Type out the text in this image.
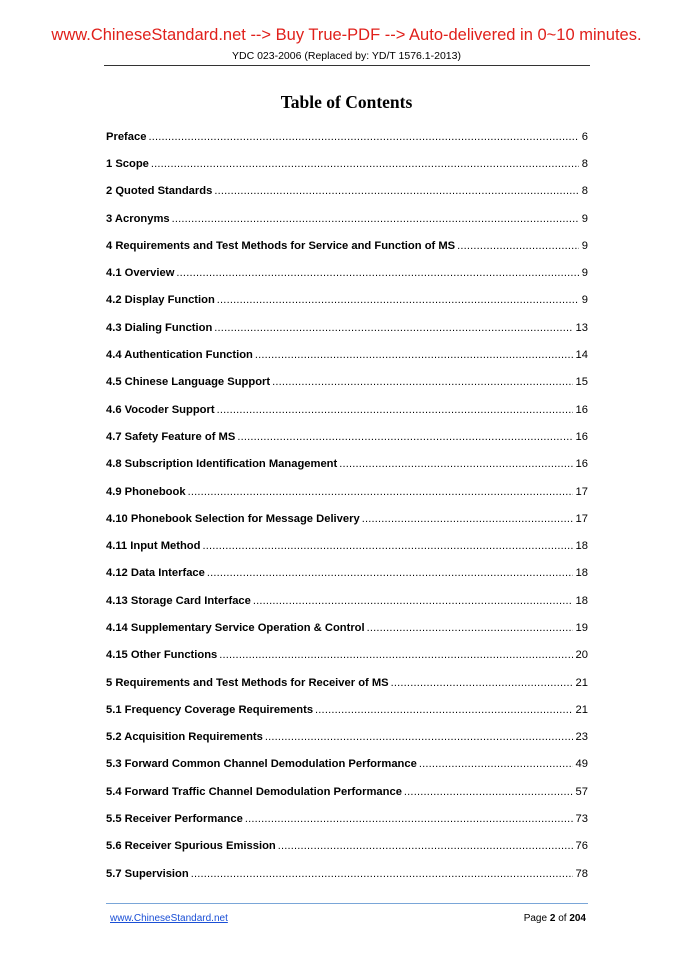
www.ChineseStandard.net --> Buy True-PDF --> Auto-delivered in 0~10 minutes.
YDC 023-2006 (Replaced by: YD/T 1576.1-2013)
Table of Contents
Preface .....	6
1 Scope .....	8
2 Quoted Standards .....	8
3 Acronyms .....	9
4 Requirements and Test Methods for Service and Function of MS .....	9
4.1 Overview .....	9
4.2 Display Function .....	9
4.3 Dialing Function .....	13
4.4 Authentication Function .....	14
4.5 Chinese Language Support .....	15
4.6 Vocoder Support .....	16
4.7 Safety Feature of MS .....	16
4.8 Subscription Identification Management .....	16
4.9 Phonebook .....	17
4.10 Phonebook Selection for Message Delivery .....	17
4.11 Input Method .....	18
4.12 Data Interface .....	18
4.13 Storage Card Interface .....	18
4.14 Supplementary Service Operation & Control .....	19
4.15 Other Functions .....	20
5 Requirements and Test Methods for Receiver of MS .....	21
5.1 Frequency Coverage Requirements .....	21
5.2 Acquisition Requirements .....	23
5.3 Forward Common Channel Demodulation Performance .....	49
5.4 Forward Traffic Channel Demodulation Performance .....	57
5.5 Receiver Performance .....	73
5.6 Receiver Spurious Emission .....	76
5.7 Supervision .....	78
www.ChineseStandard.net	Page 2 of 204
